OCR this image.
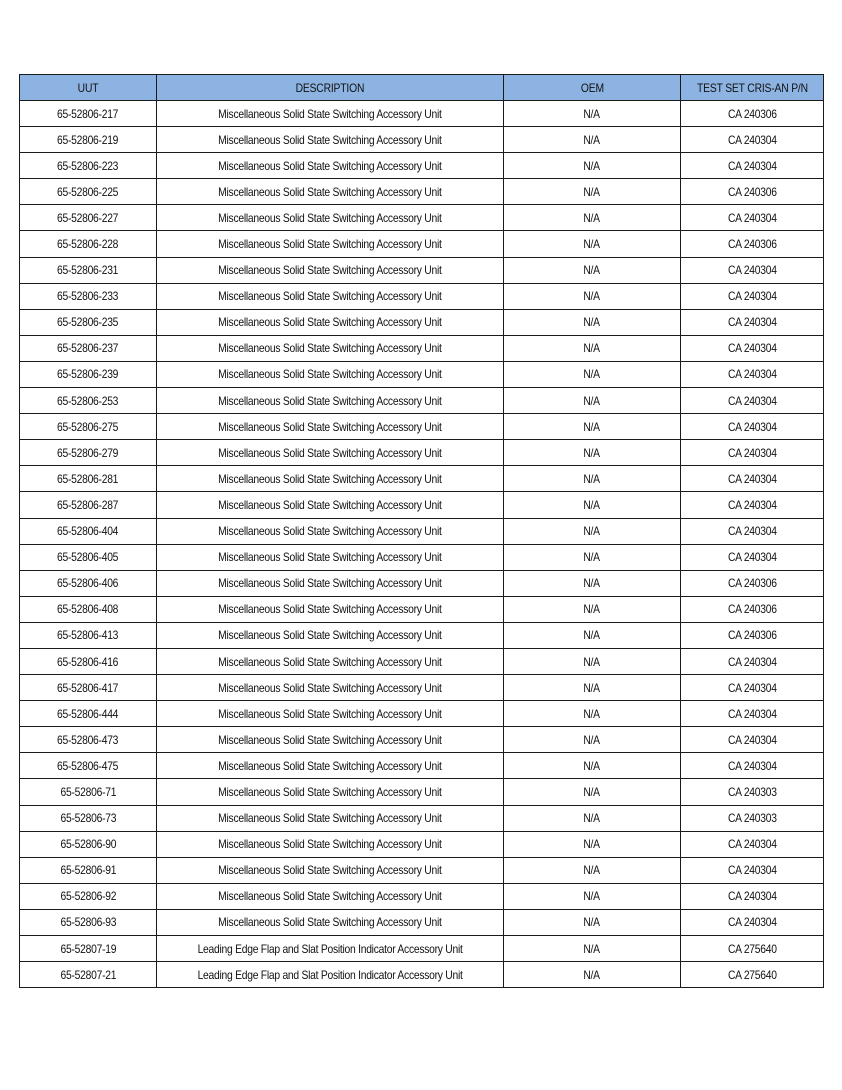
UUT	DESCRIPTION	OEM	TEST SET CRIS-AN P/N
65-52806-217	Miscellaneous Solid State Switching Accessory Unit	N/A	CA 240306
65-52806-219	Miscellaneous Solid State Switching Accessory Unit	N/A	CA 240304
65-52806-223	Miscellaneous Solid State Switching Accessory Unit	N/A	CA 240304
65-52806-225	Miscellaneous Solid State Switching Accessory Unit	N/A	CA 240306
65-52806-227	Miscellaneous Solid State Switching Accessory Unit	N/A	CA 240304
65-52806-228	Miscellaneous Solid State Switching Accessory Unit	N/A	CA 240306
65-52806-231	Miscellaneous Solid State Switching Accessory Unit	N/A	CA 240304
65-52806-233	Miscellaneous Solid State Switching Accessory Unit	N/A	CA 240304
65-52806-235	Miscellaneous Solid State Switching Accessory Unit	N/A	CA 240304
65-52806-237	Miscellaneous Solid State Switching Accessory Unit	N/A	CA 240304
65-52806-239	Miscellaneous Solid State Switching Accessory Unit	N/A	CA 240304
65-52806-253	Miscellaneous Solid State Switching Accessory Unit	N/A	CA 240304
65-52806-275	Miscellaneous Solid State Switching Accessory Unit	N/A	CA 240304
65-52806-279	Miscellaneous Solid State Switching Accessory Unit	N/A	CA 240304
65-52806-281	Miscellaneous Solid State Switching Accessory Unit	N/A	CA 240304
65-52806-287	Miscellaneous Solid State Switching Accessory Unit	N/A	CA 240304
65-52806-404	Miscellaneous Solid State Switching Accessory Unit	N/A	CA 240304
65-52806-405	Miscellaneous Solid State Switching Accessory Unit	N/A	CA 240304
65-52806-406	Miscellaneous Solid State Switching Accessory Unit	N/A	CA 240306
65-52806-408	Miscellaneous Solid State Switching Accessory Unit	N/A	CA 240306
65-52806-413	Miscellaneous Solid State Switching Accessory Unit	N/A	CA 240306
65-52806-416	Miscellaneous Solid State Switching Accessory Unit	N/A	CA 240304
65-52806-417	Miscellaneous Solid State Switching Accessory Unit	N/A	CA 240304
65-52806-444	Miscellaneous Solid State Switching Accessory Unit	N/A	CA 240304
65-52806-473	Miscellaneous Solid State Switching Accessory Unit	N/A	CA 240304
65-52806-475	Miscellaneous Solid State Switching Accessory Unit	N/A	CA 240304
65-52806-71	Miscellaneous Solid State Switching Accessory Unit	N/A	CA 240303
65-52806-73	Miscellaneous Solid State Switching Accessory Unit	N/A	CA 240303
65-52806-90	Miscellaneous Solid State Switching Accessory Unit	N/A	CA 240304
65-52806-91	Miscellaneous Solid State Switching Accessory Unit	N/A	CA 240304
65-52806-92	Miscellaneous Solid State Switching Accessory Unit	N/A	CA 240304
65-52806-93	Miscellaneous Solid State Switching Accessory Unit	N/A	CA 240304
65-52807-19	Leading Edge Flap and Slat Position Indicator Accessory Unit	N/A	CA 275640
65-52807-21	Leading Edge Flap and Slat Position Indicator Accessory Unit	N/A	CA 275640
